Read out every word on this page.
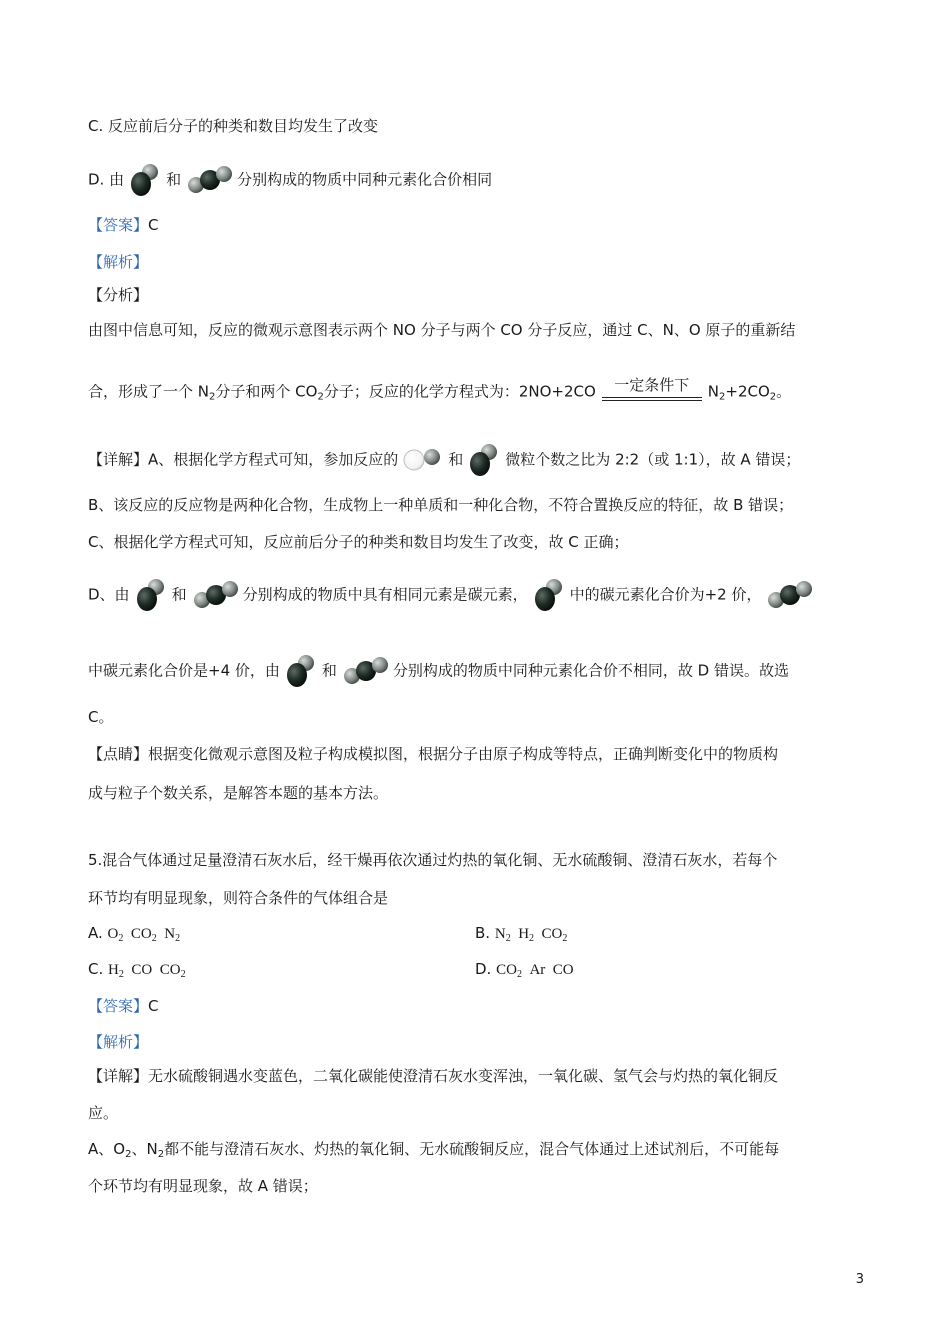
C. 反应前后分子的种类和数目均发生了改变
D. 由	和	分别构成的物质中同种元素化合价相同
【答案】C
【解析】
【分析】
由图中信息可知，反应的微观示意图表示两个 NO 分子与两个 CO 分子反应，通过 C、N、O 原子的重新结
合，形成了一个 $N_2$分子和两个 $CO_2$分子；反应的化学方程式为：2NO+2CO	一定条件下	$N_2+2CO_2$。
【详解】A、根据化学方程式可知，参加反应的	和	微粒个数之比为 2:2（或 1:1），故 A 错误；
B、该反应的反应物是两种化合物，生成物上一种单质和一种化合物，不符合置换反应的特征，故 B 错误；
C、根据化学方程式可知，反应前后分子的种类和数目均发生了改变，故 C 正确；
D、由	和	分别构成的物质中具有相同元素是碳元素，	中的碳元素化合价为+2 价，
中碳元素化合价是+4 价，由	和	分别构成的物质中同种元素化合价不相同，故 D 错误。故选
C。
【点睛】根据变化微观示意图及粒子构成模拟图，根据分子由原子构成等特点，正确判断变化中的物质构
成与粒子个数关系，是解答本题的基本方法。
5.混合气体通过足量澄清石灰水后，经干燥再依次通过灼热的氧化铜、无水硫酸铜、澄清石灰水，若每个
环节均有明显现象，则符合条件的气体组合是
A. $O_2$ $CO_2$ $N_2$	B. $N_2$ $H_2$ $CO_2$
C. $H_2$ CO $CO_2$	D. $CO_2$ Ar CO
【答案】C
【解析】
【详解】无水硫酸铜遇水变蓝色，二氧化碳能使澄清石灰水变浑浊，一氧化碳、氢气会与灼热的氧化铜反
应。
A、$O_2$、$N_2$都不能与澄清石灰水、灼热的氧化铜、无水硫酸铜反应，混合气体通过上述试剂后，不可能每
个环节均有明显现象，故 A 错误；
3
